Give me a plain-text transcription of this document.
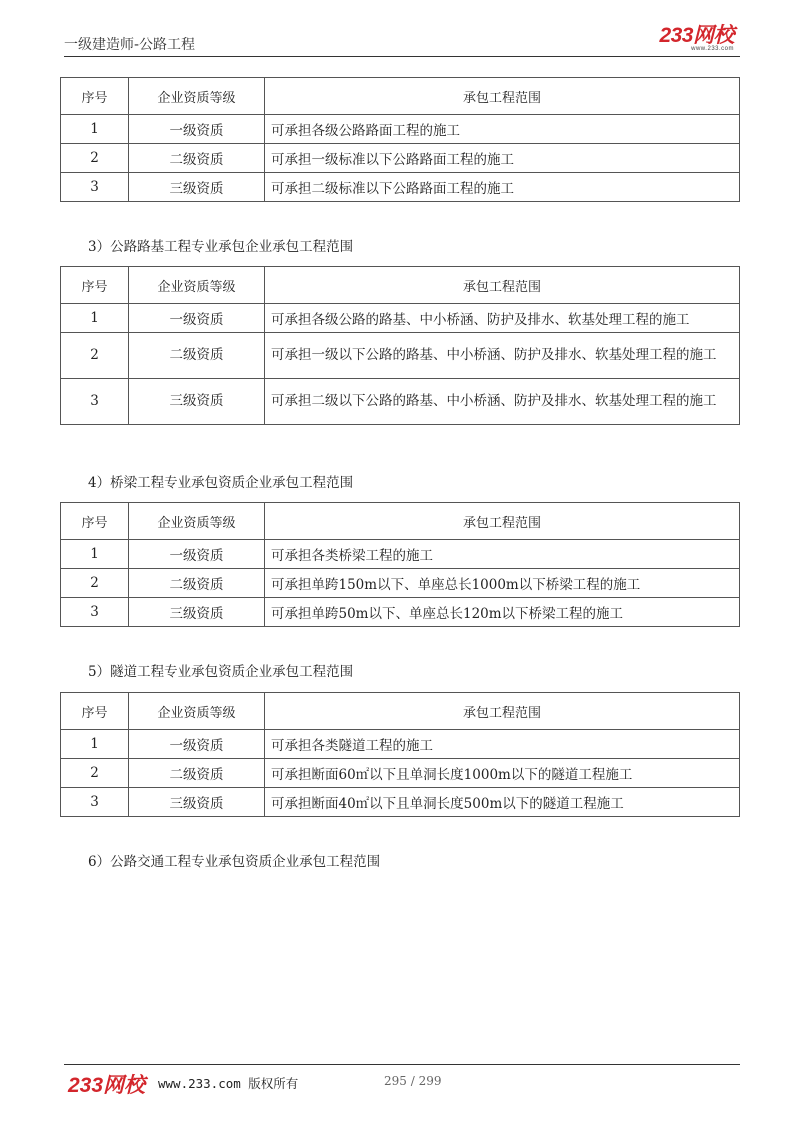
一级建造师-公路工程	233网校
www.233.com
序号	企业资质等级	承包工程范围
1	一级资质	可承担各级公路路面工程的施工
2	二级资质	可承担一级标准以下公路路面工程的施工
3	三级资质	可承担二级标准以下公路路面工程的施工
3）公路路基工程专业承包企业承包工程范围
序号	企业资质等级	承包工程范围
1	一级资质	可承担各级公路的路基、中小桥涵、防护及排水、软基处理工程的施工
2	二级资质	可承担一级以下公路的路基、中小桥涵、防护及排水、软基处理工程的施工
3	三级资质	可承担二级以下公路的路基、中小桥涵、防护及排水、软基处理工程的施工
4）桥梁工程专业承包资质企业承包工程范围
序号	企业资质等级	承包工程范围
1	一级资质	可承担各类桥梁工程的施工
2	二级资质	可承担单跨150m以下、单座总长1000m以下桥梁工程的施工
3	三级资质	可承担单跨50m以下、单座总长120m以下桥梁工程的施工
5）隧道工程专业承包资质企业承包工程范围
序号	企业资质等级	承包工程范围
1	一级资质	可承担各类隧道工程的施工
2	二级资质	可承担断面60㎡以下且单洞长度1000m以下的隧道工程施工
3	三级资质	可承担断面40㎡以下且单洞长度500m以下的隧道工程施工
6）公路交通工程专业承包资质企业承包工程范围
233网校 www.233.com 版权所有	295 / 299
